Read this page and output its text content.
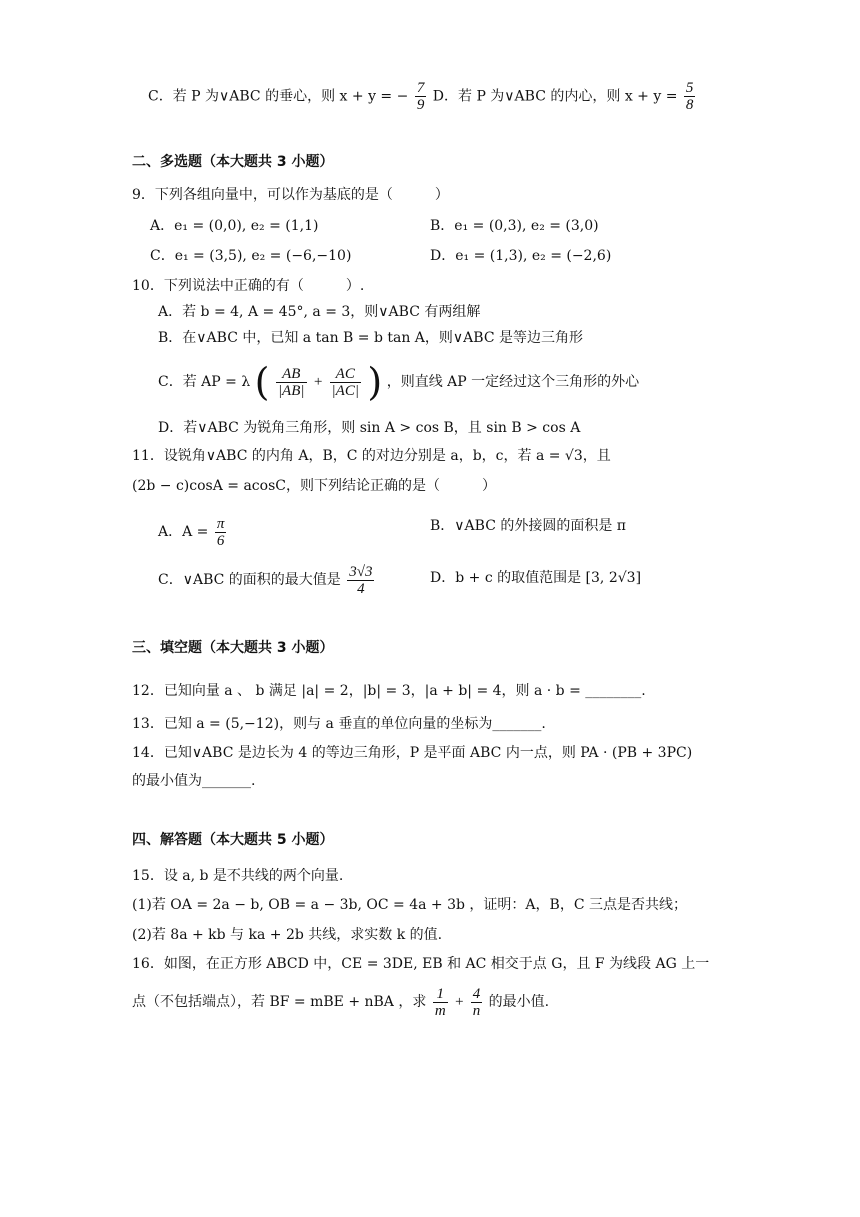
C．若 P 为∨ABC 的垂心，则 x + y = − $\frac{7}{9}$ D．若 P 为∨ABC 的内心，则 $x + y = \frac{5}{8}$
二、多选题（本大题共 3 小题）
9．下列各组向量中，可以作为基底的是（　　　）
A．e₁ = (0,0), e₂ = (1,1)	B．e₁ = (0,3), e₂ = (3,0)
C．e₁ = (3,5), e₂ = (−6,−10)	D．e₁ = (1,3), e₂ = (−2,6)
10．下列说法中正确的有（　　　）.
A．若 b = 4, A = 45°, a = 3，则∨ABC 有两组解
B．在∨ABC 中，已知 a tan B = b tan A，则∨ABC 是等边三角形
C．若 AP = λ ( $\frac{AB}{|AB|} + \frac{AC}{|AC|}$ ) ，则直线 AP 一定经过这个三角形的外心
D．若∨ABC 为锐角三角形，则 sin A > cos B，且 sin B > cos A
11．设锐角∨ABC 的内角 A，B，C 的对边分别是 a，b，c，若 a = √3，且
(2b − c)cosA = acosC，则下列结论正确的是（　　　）
A．$A = \frac{\pi}{6}$	B．∨ABC 的外接圆的面积是 π
C．∨ABC 的面积的最大值是 $\frac{3√3}{4}$	D．b + c 的取值范围是 [3, 2√3]
三、填空题（本大题共 3 小题）
12．已知向量 a 、 b 满足 |a| = 2，|b| = 3，|a + b| = 4，则 a · b = ________.
13．已知 a = (5,−12)，则与 a 垂直的单位向量的坐标为_______.
14．已知∨ABC 是边长为 4 的等边三角形，P 是平面 ABC 内一点，则 PA · (PB + 3PC)
的最小值为_______.
四、解答题（本大题共 5 小题）
15．设 a, b 是不共线的两个向量.
(1)若 OA = 2a − b, OB = a − 3b, OC = 4a + 3b ，证明：A，B，C 三点是否共线；
(2)若 8a + kb 与 ka + 2b 共线，求实数 k 的值.
16．如图，在正方形 ABCD 中，CE = 3DE, EB 和 AC 相交于点 G，且 F 为线段 AG 上一
点（不包括端点），若 BF = mBE + nBA ，求 $\frac{1}{m} + \frac{4}{n}$ 的最小值.
